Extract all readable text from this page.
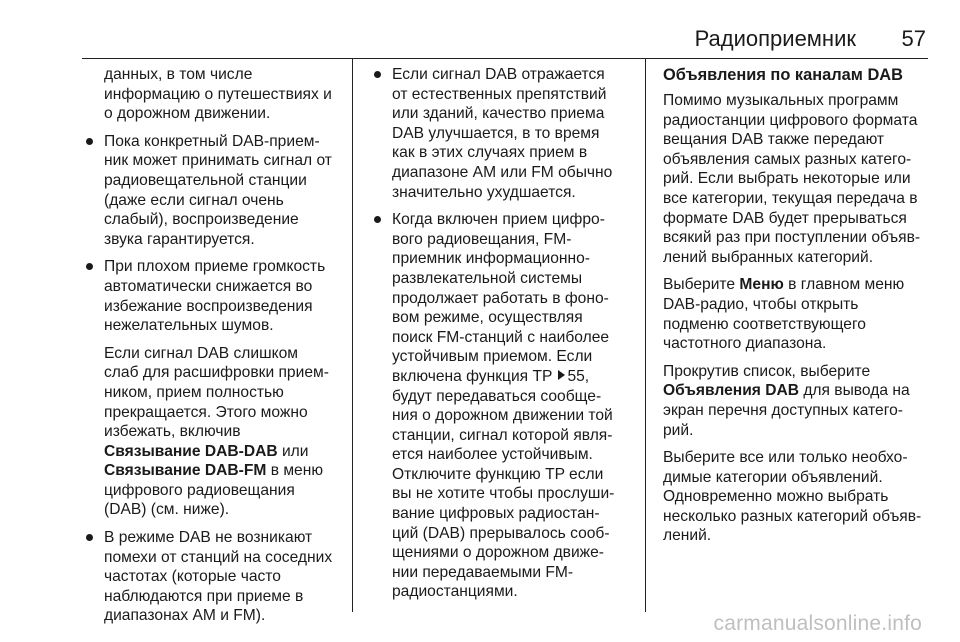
Радиоприемник 57
данных, в том числе
информацию о путешествиях и
о дорожном движении.
Пока конкретный DAB-прием-
ник может принимать сигнал от
радиовещательной станции
(даже если сигнал очень
слабый), воспроизведение
звука гарантируется.
При плохом приеме громкость
автоматически снижается во
избежание воспроизведения
нежелательных шумов.
Если сигнал DAB слишком
слаб для расшифровки прием-
ником, прием полностью
прекращается. Этого можно
избежать, включив
Связывание DAB-DAB или
Связывание DAB-FM в меню
цифрового радиовещания
(DAB) (см. ниже).
В режиме DAB не возникают
помехи от станций на соседних
частотах (которые часто
наблюдаются при приеме в
диапазонах AM и FM).
Если сигнал DAB отражается
от естественных препятствий
или зданий, качество приема
DAB улучшается, в то время
как в этих случаях прием в
диапазоне AM или FM обычно
значительно ухудшается.
Когда включен прием цифро-
вого радиовещания, FM-
приемник информационно-
развлекательной системы
продолжает работать в фоно-
вом режиме, осуществляя
поиск FM-станций с наиболее
устойчивым приемом. Если
включена функция TP 55,
будут передаваться сообще-
ния о дорожном движении той
станции, сигнал которой явля-
ется наиболее устойчивым.
Отключите функцию TP если
вы не хотите чтобы прослуши-
вание цифровых радиостан-
ций (DAB) прерывалось сооб-
щениями о дорожном движе-
нии передаваемыми FM-
радиостанциями.
Объявления по каналам DAB
Помимо музыкальных программ
радиостанции цифрового формата
вещания DAB также передают
объявления самых разных катего-
рий. Если выбрать некоторые или
все категории, текущая передача в
формате DAB будет прерываться
всякий раз при поступлении объяв-
лений выбранных категорий.
Выберите Меню в главном меню
DAB-радио, чтобы открыть
подменю соответствующего
частотного диапазона.
Прокрутив список, выберите
Объявления DAB для вывода на
экран перечня доступных катего-
рий.
Выберите все или только необхо-
димые категории объявлений.
Одновременно можно выбрать
несколько разных категорий объяв-
лений.
carmanualsonline.info
